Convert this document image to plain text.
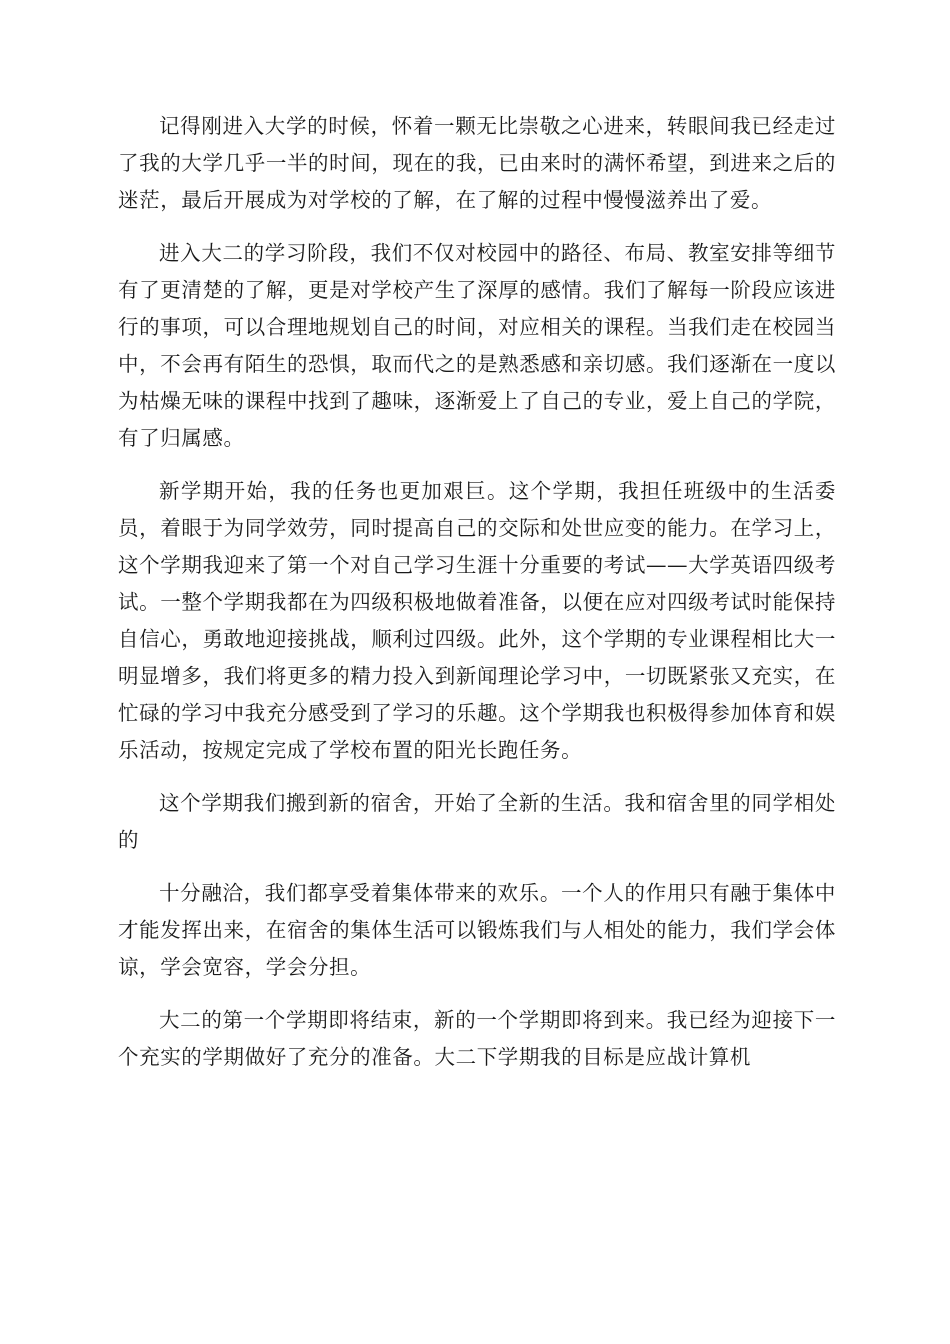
记得刚进入大学的时候，怀着一颗无比崇敬之心进来，转眼间我已经走过了我的大学几乎一半的时间，现在的我，已由来时的满怀希望，到进来之后的迷茫，最后开展成为对学校的了解，在了解的过程中慢慢滋养出了爱。

进入大二的学习阶段，我们不仅对校园中的路径、布局、教室安排等细节有了更清楚的了解，更是对学校产生了深厚的感情。我们了解每一阶段应该进行的事项，可以合理地规划自己的时间，对应相关的课程。当我们走在校园当中，不会再有陌生的恐惧，取而代之的是熟悉感和亲切感。我们逐渐在一度以为枯燥无味的课程中找到了趣味，逐渐爱上了自己的专业，爱上自己的学院，有了归属感。

新学期开始，我的任务也更加艰巨。这个学期，我担任班级中的生活委员，着眼于为同学效劳，同时提高自己的交际和处世应变的能力。在学习上，这个学期我迎来了第一个对自己学习生涯十分重要的考试——大学英语四级考试。一整个学期我都在为四级积极地做着准备，以便在应对四级考试时能保持自信心，勇敢地迎接挑战，顺利过四级。此外，这个学期的专业课程相比大一明显增多，我们将更多的精力投入到新闻理论学习中，一切既紧张又充实，在忙碌的学习中我充分感受到了学习的乐趣。这个学期我也积极得参加体育和娱乐活动，按规定完成了学校布置的阳光长跑任务。

这个学期我们搬到新的宿舍，开始了全新的生活。我和宿舍里的同学相处的

十分融洽，我们都享受着集体带来的欢乐。一个人的作用只有融于集体中才能发挥出来，在宿舍的集体生活可以锻炼我们与人相处的能力，我们学会体谅，学会宽容，学会分担。

大二的第一个学期即将结束，新的一个学期即将到来。我已经为迎接下一个充实的学期做好了充分的准备。大二下学期我的目标是应战计算机
